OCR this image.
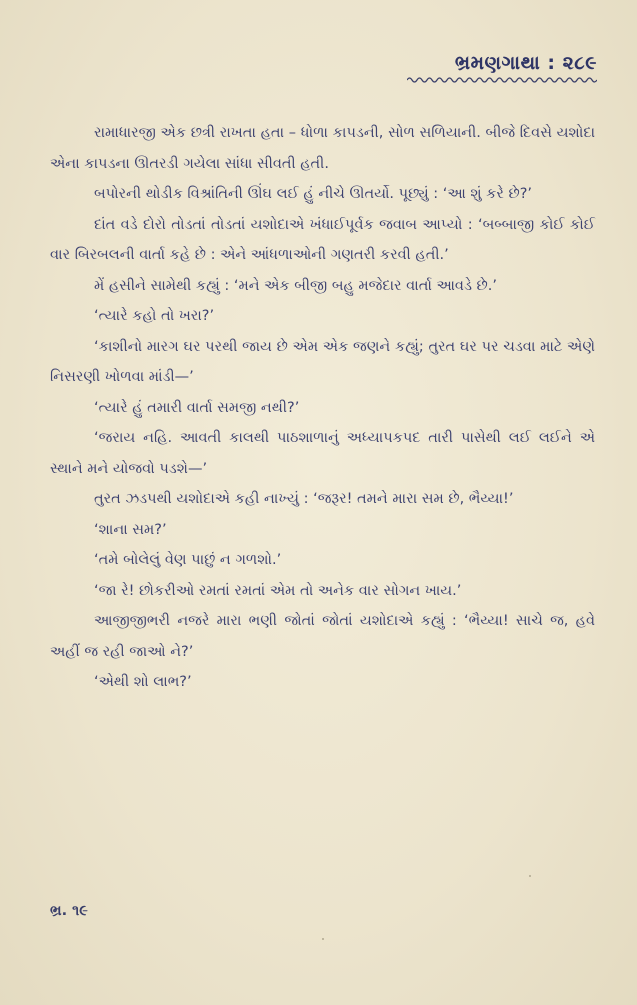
ભ્રમણગાથા : ૨૮૯

રામાધારજી એક છત્રી રાખતા હતા – ધોળા કાપડની, સોળ સળિયાની. બીજે દિવસે યશોદા એના કાપડના ઊતરડી ગયેલા સાંધા સીવતી હતી.

બપોરની થોડીક વિશ્રાંતિની ઊંઘ લઈ હું નીચે ઊતર્યો. પૂછ્યું : ‘આ શું કરે છે?’

દાંત વડે દોરો તોડતાં તોડતાં યશોદાએ ખંધાઈપૂર્વક જવાબ આપ્યો : ‘બબ્બાજી કોઈ કોઈ વાર બિરબલની વાર્તા કહે છે : એને આંધળાઓની ગણતરી કરવી હતી.’

મેં હસીને સામેથી કહ્યું : ‘મને એક બીજી બહુ મજેદાર વાર્તા આવડે છે.’

‘ત્યારે કહો તો ખરા?’

‘કાશીનો મારગ ઘર પરથી જાય છે એમ એક જણને કહ્યું; તુરત ઘર પર ચડવા માટે એણે નિસરણી ખોળવા માંડી—’

‘ત્યારે હું તમારી વાર્તા સમજી નથી?’

‘જરાય નહિ. આવતી કાલથી પાઠશાળાનું અધ્યાપકપદ તારી પાસેથી લઈ લઈને એ સ્થાને મને યોજવો પડશે—’

તુરત ઝડપથી યશોદાએ કહી નાખ્યું : ‘જરૂર! તમને મારા સમ છે, ભૈય્યા!’

‘શાના સમ?’

‘તમે બોલેલું વેણ પાછું ન ગળશો.’

‘જા રે! છોકરીઓ રમતાં રમતાં એમ તો અનેક વાર સોગન ખાય.’

આજીજીભરી નજરે મારા ભણી જોતાં જોતાં યશોદાએ કહ્યું : ‘ભૈય્યા! સાચે જ, હવે અહીં જ રહી જાઓ ને?’

‘એથી શો લાભ?’

ભ્ર. ૧૯
